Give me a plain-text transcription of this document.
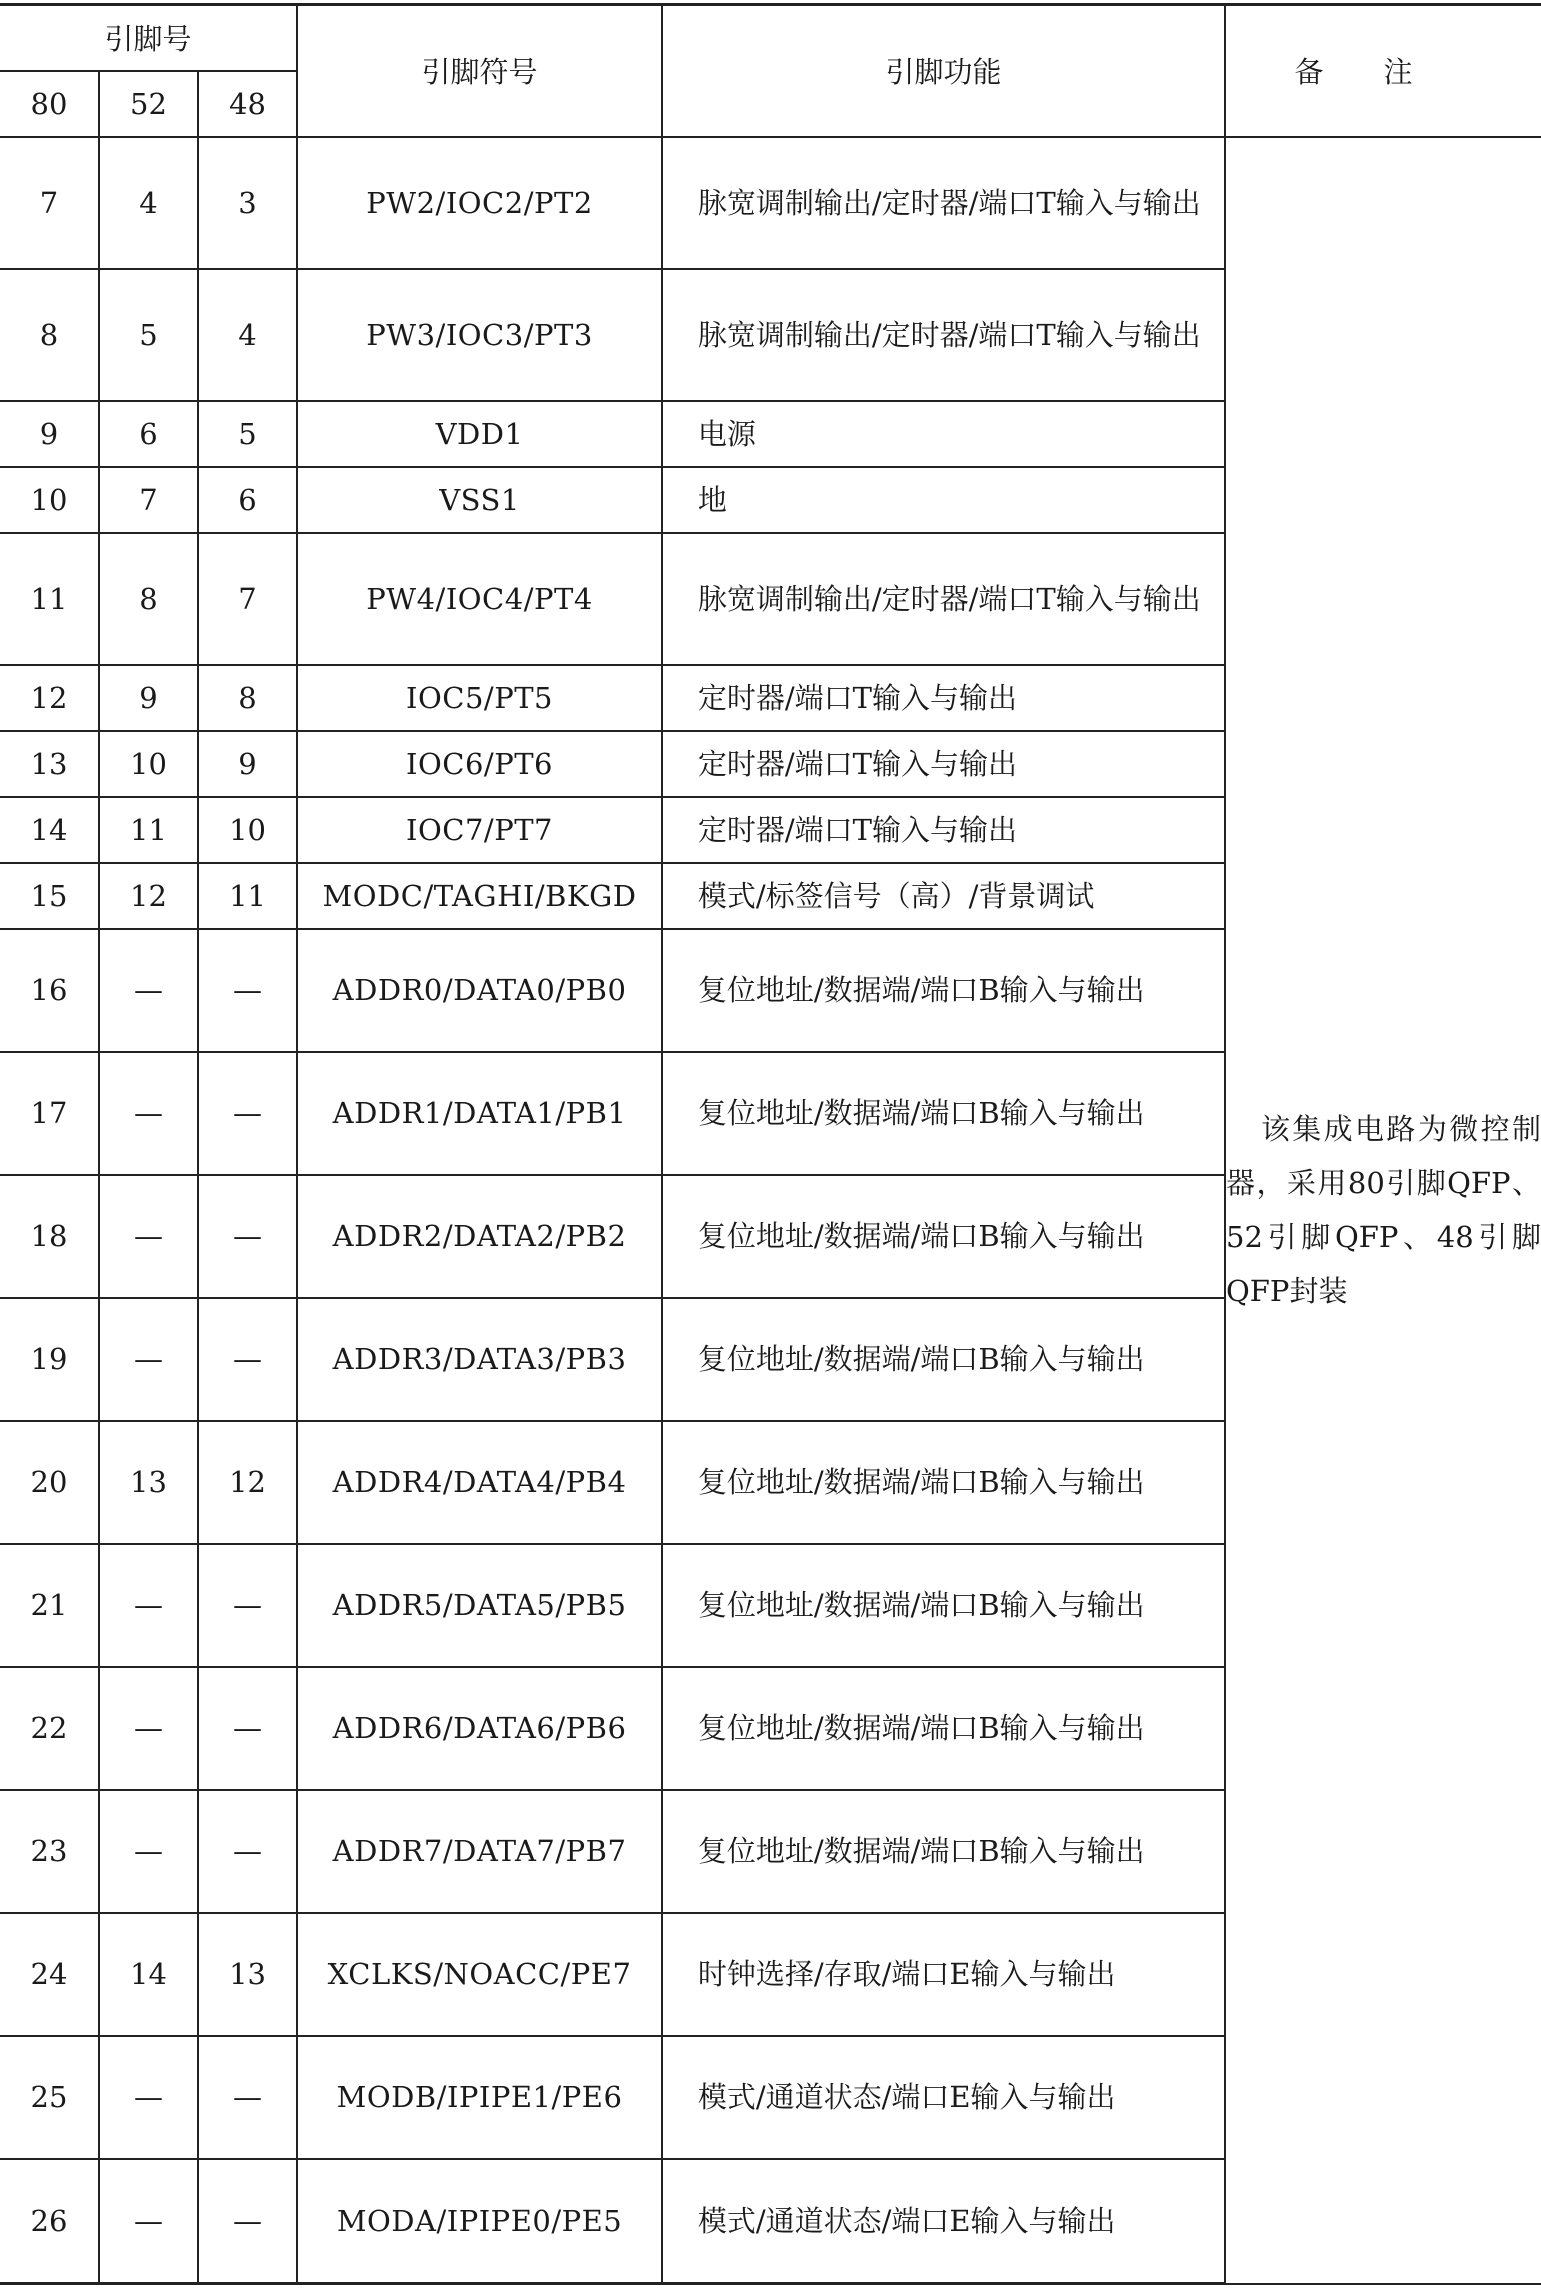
引脚号			引脚符号	引脚功能	备注
80	52	48			
7	4	3	PW2/IOC2/PT2	脉宽调制输出/定时器/端口T输入与输出	该集成电路为微控制器，采用80引脚QFP、52引脚QFP、48引脚QFP封装

8	5	4	PW3/IOC3/PT3	脉宽调制输出/定时器/端口T输入与输出	

9	6	5	VDD1	电源	

10	7	6	VSS1	地	

11	8	7	PW4/IOC4/PT4	脉宽调制输出/定时器/端口T输入与输出	

12	9	8	IOC5/PT5	定时器/端口T输入与输出	

13	10	9	IOC6/PT6	定时器/端口T输入与输出	

14	11	10	IOC7/PT7	定时器/端口T输入与输出	

15	12	11	MODC/TAGHI/BKGD	模式/标签信号（高）/背景调试	

16	—	—	ADDR0/DATA0/PB0	复位地址/数据端/端口B输入与输出	

17	—	—	ADDR1/DATA1/PB1	复位地址/数据端/端口B输入与输出	

18	—	—	ADDR2/DATA2/PB2	复位地址/数据端/端口B输入与输出	

19	—	—	ADDR3/DATA3/PB3	复位地址/数据端/端口B输入与输出	

20	13	12	ADDR4/DATA4/PB4	复位地址/数据端/端口B输入与输出	

21	—	—	ADDR5/DATA5/PB5	复位地址/数据端/端口B输入与输出	

22	—	—	ADDR6/DATA6/PB6	复位地址/数据端/端口B输入与输出	

23	—	—	ADDR7/DATA7/PB7	复位地址/数据端/端口B输入与输出	

24	14	13	XCLKS/NOACC/PE7	时钟选择/存取/端口E输入与输出	

25	—	—	MODB/IPIPE1/PE6	模式/通道状态/端口E输入与输出	

26	—	—	MODA/IPIPE0/PE5	模式/通道状态/端口E输入与输出	
